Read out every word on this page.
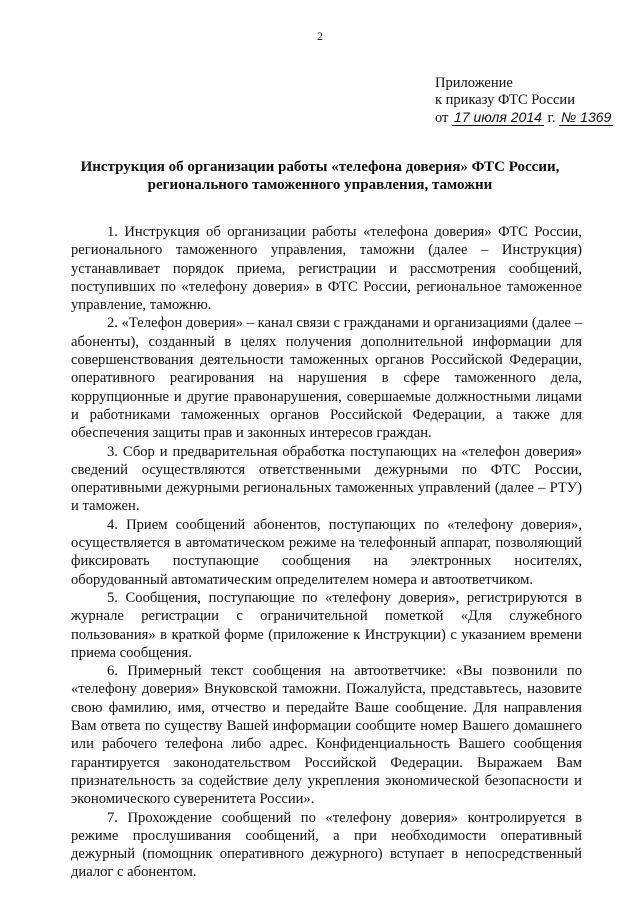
2
Приложение
к приказу ФТС России
от 17 июля 2014 г. № 1369
Инструкция об организации работы «телефона доверия» ФТС России,
регионального таможенного управления, таможни

1. Инструкция об организации работы «телефона доверия» ФТС России, регионального таможенного управления, таможни (далее – Инструкция) устанавливает порядок приема, регистрации и рассмотрения сообщений, поступивших по «телефону доверия» в ФТС России, региональное таможенное управление, таможню.

2. «Телефон доверия» – канал связи с гражданами и организациями (далее – абоненты), созданный в целях получения дополнительной информации для совершенствования деятельности таможенных органов Российской Федерации, оперативного реагирования на нарушения в сфере таможенного дела, коррупционные и другие правонарушения, совершаемые должностными лицами и работниками таможенных органов Российской Федерации, а также для обеспечения защиты прав и законных интересов граждан.

3. Сбор и предварительная обработка поступающих на «телефон доверия» сведений осуществляются ответственными дежурными по ФТС России, оперативными дежурными региональных таможенных управлений (далее – РТУ) и таможен.

4. Прием сообщений абонентов, поступающих по «телефону доверия», осуществляется в автоматическом режиме на телефонный аппарат, позволяющий фиксировать поступающие сообщения на электронных носителях, оборудованный автоматическим определителем номера и автоответчиком.

5. Сообщения, поступающие по «телефону доверия», регистрируются в журнале регистрации с ограничительной пометкой «Для служебного пользования» в краткой форме (приложение к Инструкции) с указанием времени приема сообщения.

6. Примерный текст сообщения на автоответчике: «Вы позвонили по «телефону доверия» Внуковской таможни. Пожалуйста, представьтесь, назовите свою фамилию, имя, отчество и передайте Ваше сообщение. Для направления Вам ответа по существу Вашей информации сообщите номер Вашего домашнего или рабочего телефона либо адрес. Конфиденциальность Вашего сообщения гарантируется законодательством Российской Федерации. Выражаем Вам признательность за содействие делу укрепления экономической безопасности и экономического суверенитета России».

7. Прохождение сообщений по «телефону доверия» контролируется в режиме прослушивания сообщений, а при необходимости оперативный дежурный (помощник оперативного дежурного) вступает в непосредственный диалог с абонентом.
